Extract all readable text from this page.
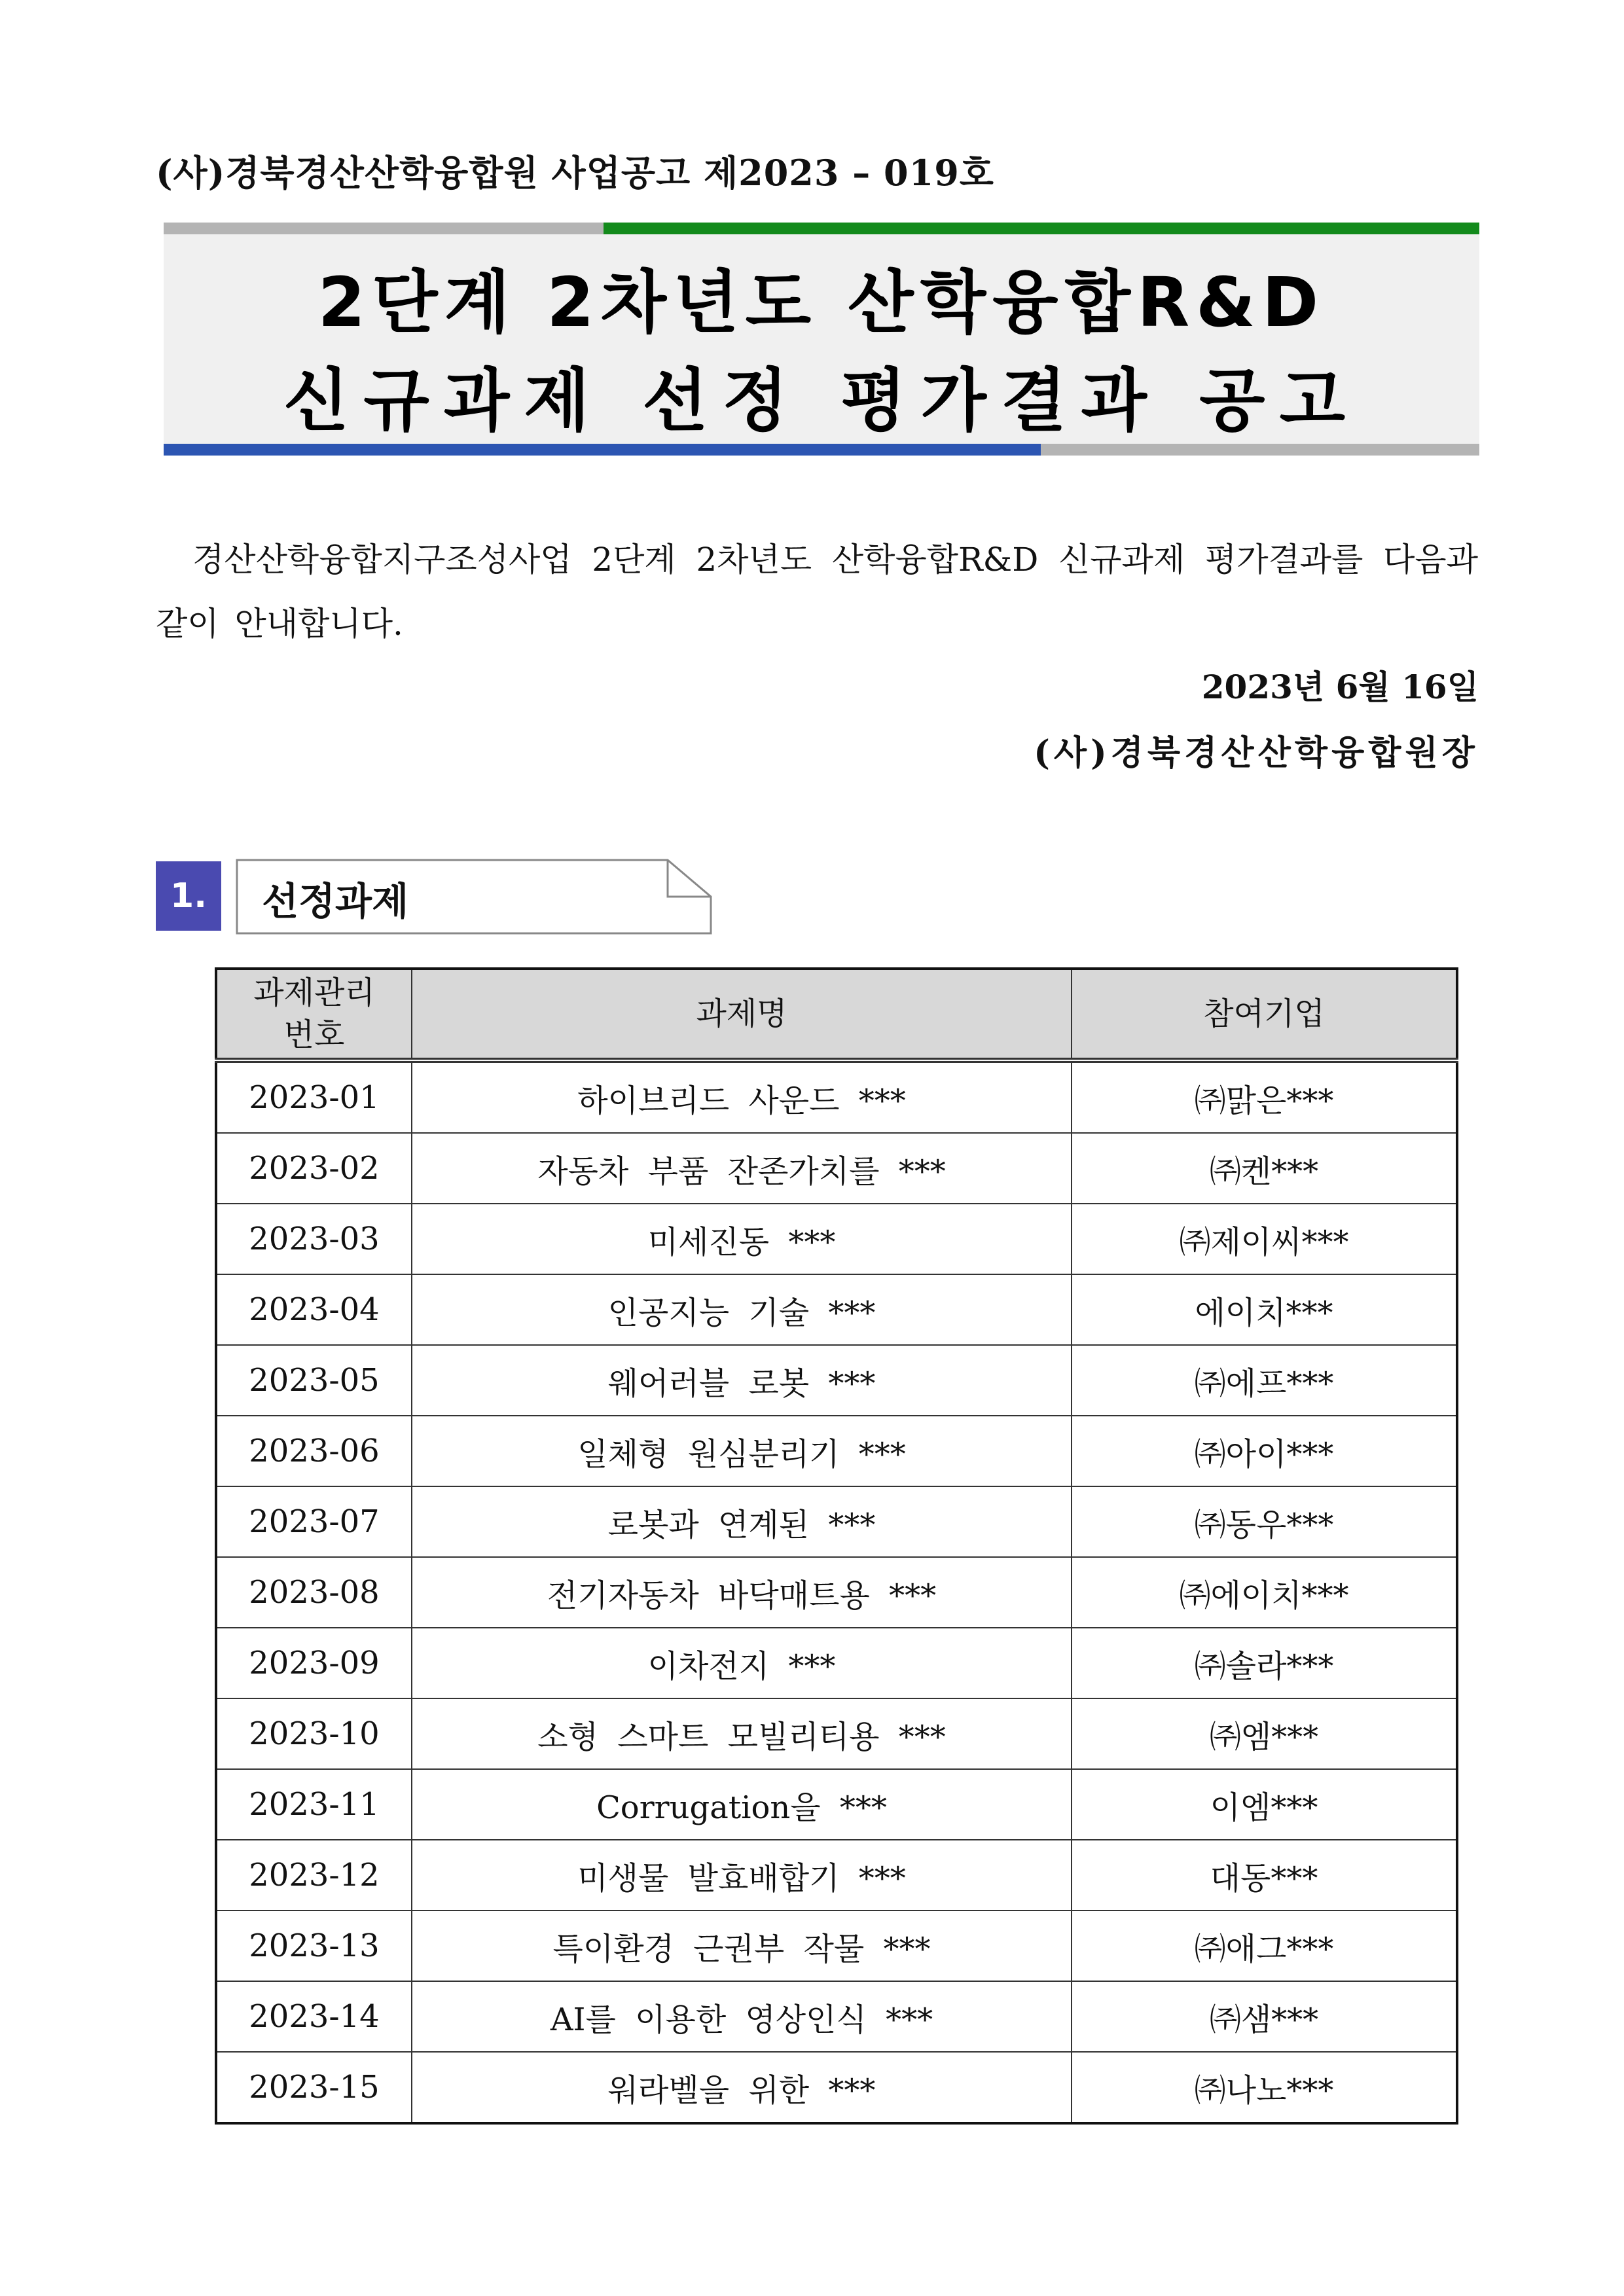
(사)경북경산산학융합원 사업공고 제2023 – 019호
2단계 2차년도 산학융합R&D
신규과제 선정 평가결과 공고

경산산학융합지구조성사업 2단계 2차년도 산학융합R&D 신규과제 평가결과를 다음과 같이 안내합니다.

2023년 6월 16일
(사)경북경산산학융합원장
1.	선정과제
과제관리
번호	과제명	참여기업
2023-01	하이브리드 사운드 ***	㈜맑은***
2023-02	자동차 부품 잔존가치를 ***	㈜켄***
2023-03	미세진동 ***	㈜제이씨***
2023-04	인공지능 기술 ***	에이치***
2023-05	웨어러블 로봇 ***	㈜에프***
2023-06	일체형 원심분리기 ***	㈜아이***
2023-07	로봇과 연계된 ***	㈜동우***
2023-08	전기자동차 바닥매트용 ***	㈜에이치***
2023-09	이차전지 ***	㈜솔라***
2023-10	소형 스마트 모빌리티용 ***	㈜엠***
2023-11	Corrugation을 ***	이엠***
2023-12	미생물 발효배합기 ***	대동***
2023-13	특이환경 근권부 작물 ***	㈜애그***
2023-14	AI를 이용한 영상인식 ***	㈜샘***
2023-15	워라벨을 위한 ***	㈜나노***
